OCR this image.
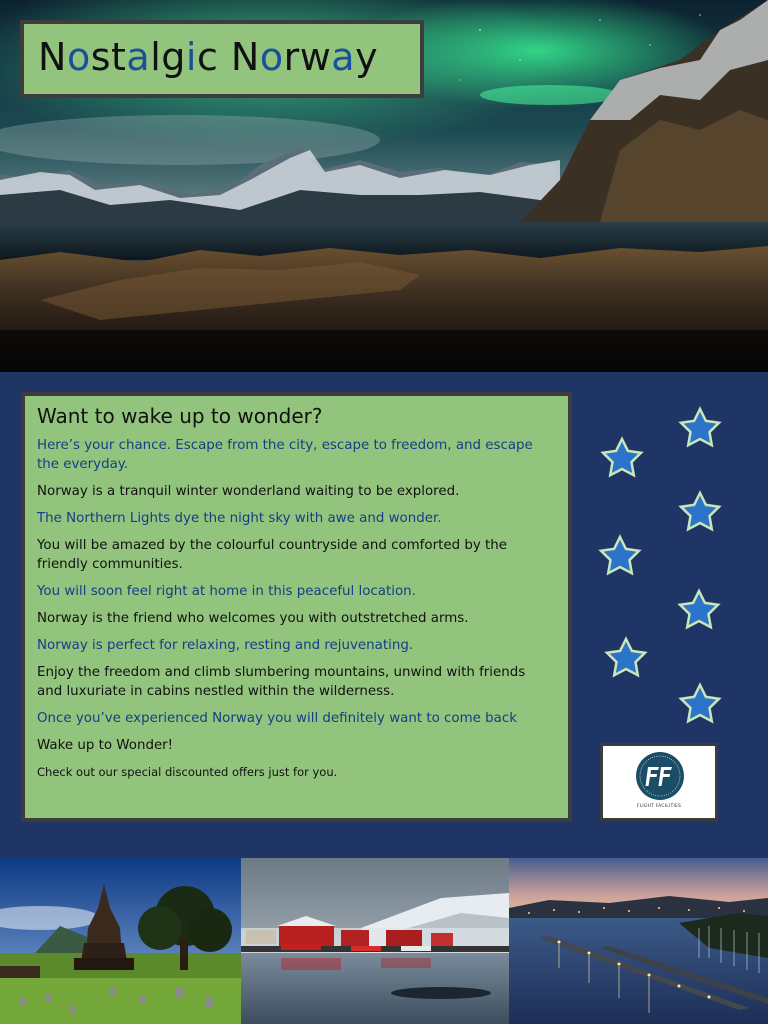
Nostalgic Norway
Want to wake up to wonder?

Here’s your chance. Escape from the city, escape to freedom, and escape the everyday.

Norway is a tranquil winter wonderland waiting to be explored.

The Northern Lights dye the night sky with awe and wonder.

You will be amazed by the colourful countryside and comforted by the friendly communities.

You will soon feel right at home in this peaceful location.

Norway is the friend who welcomes you with outstretched arms.

Norway is perfect for relaxing, resting and rejuvenating.

Enjoy the freedom and climb slumbering mountains, unwind with friends and luxuriate in cabins nestled within the wilderness.

Once you’ve experienced Norway you will definitely want to come back

Wake up to Wonder!

Check out our special discounted offers just for you.

FLIGHT FACILITIES
